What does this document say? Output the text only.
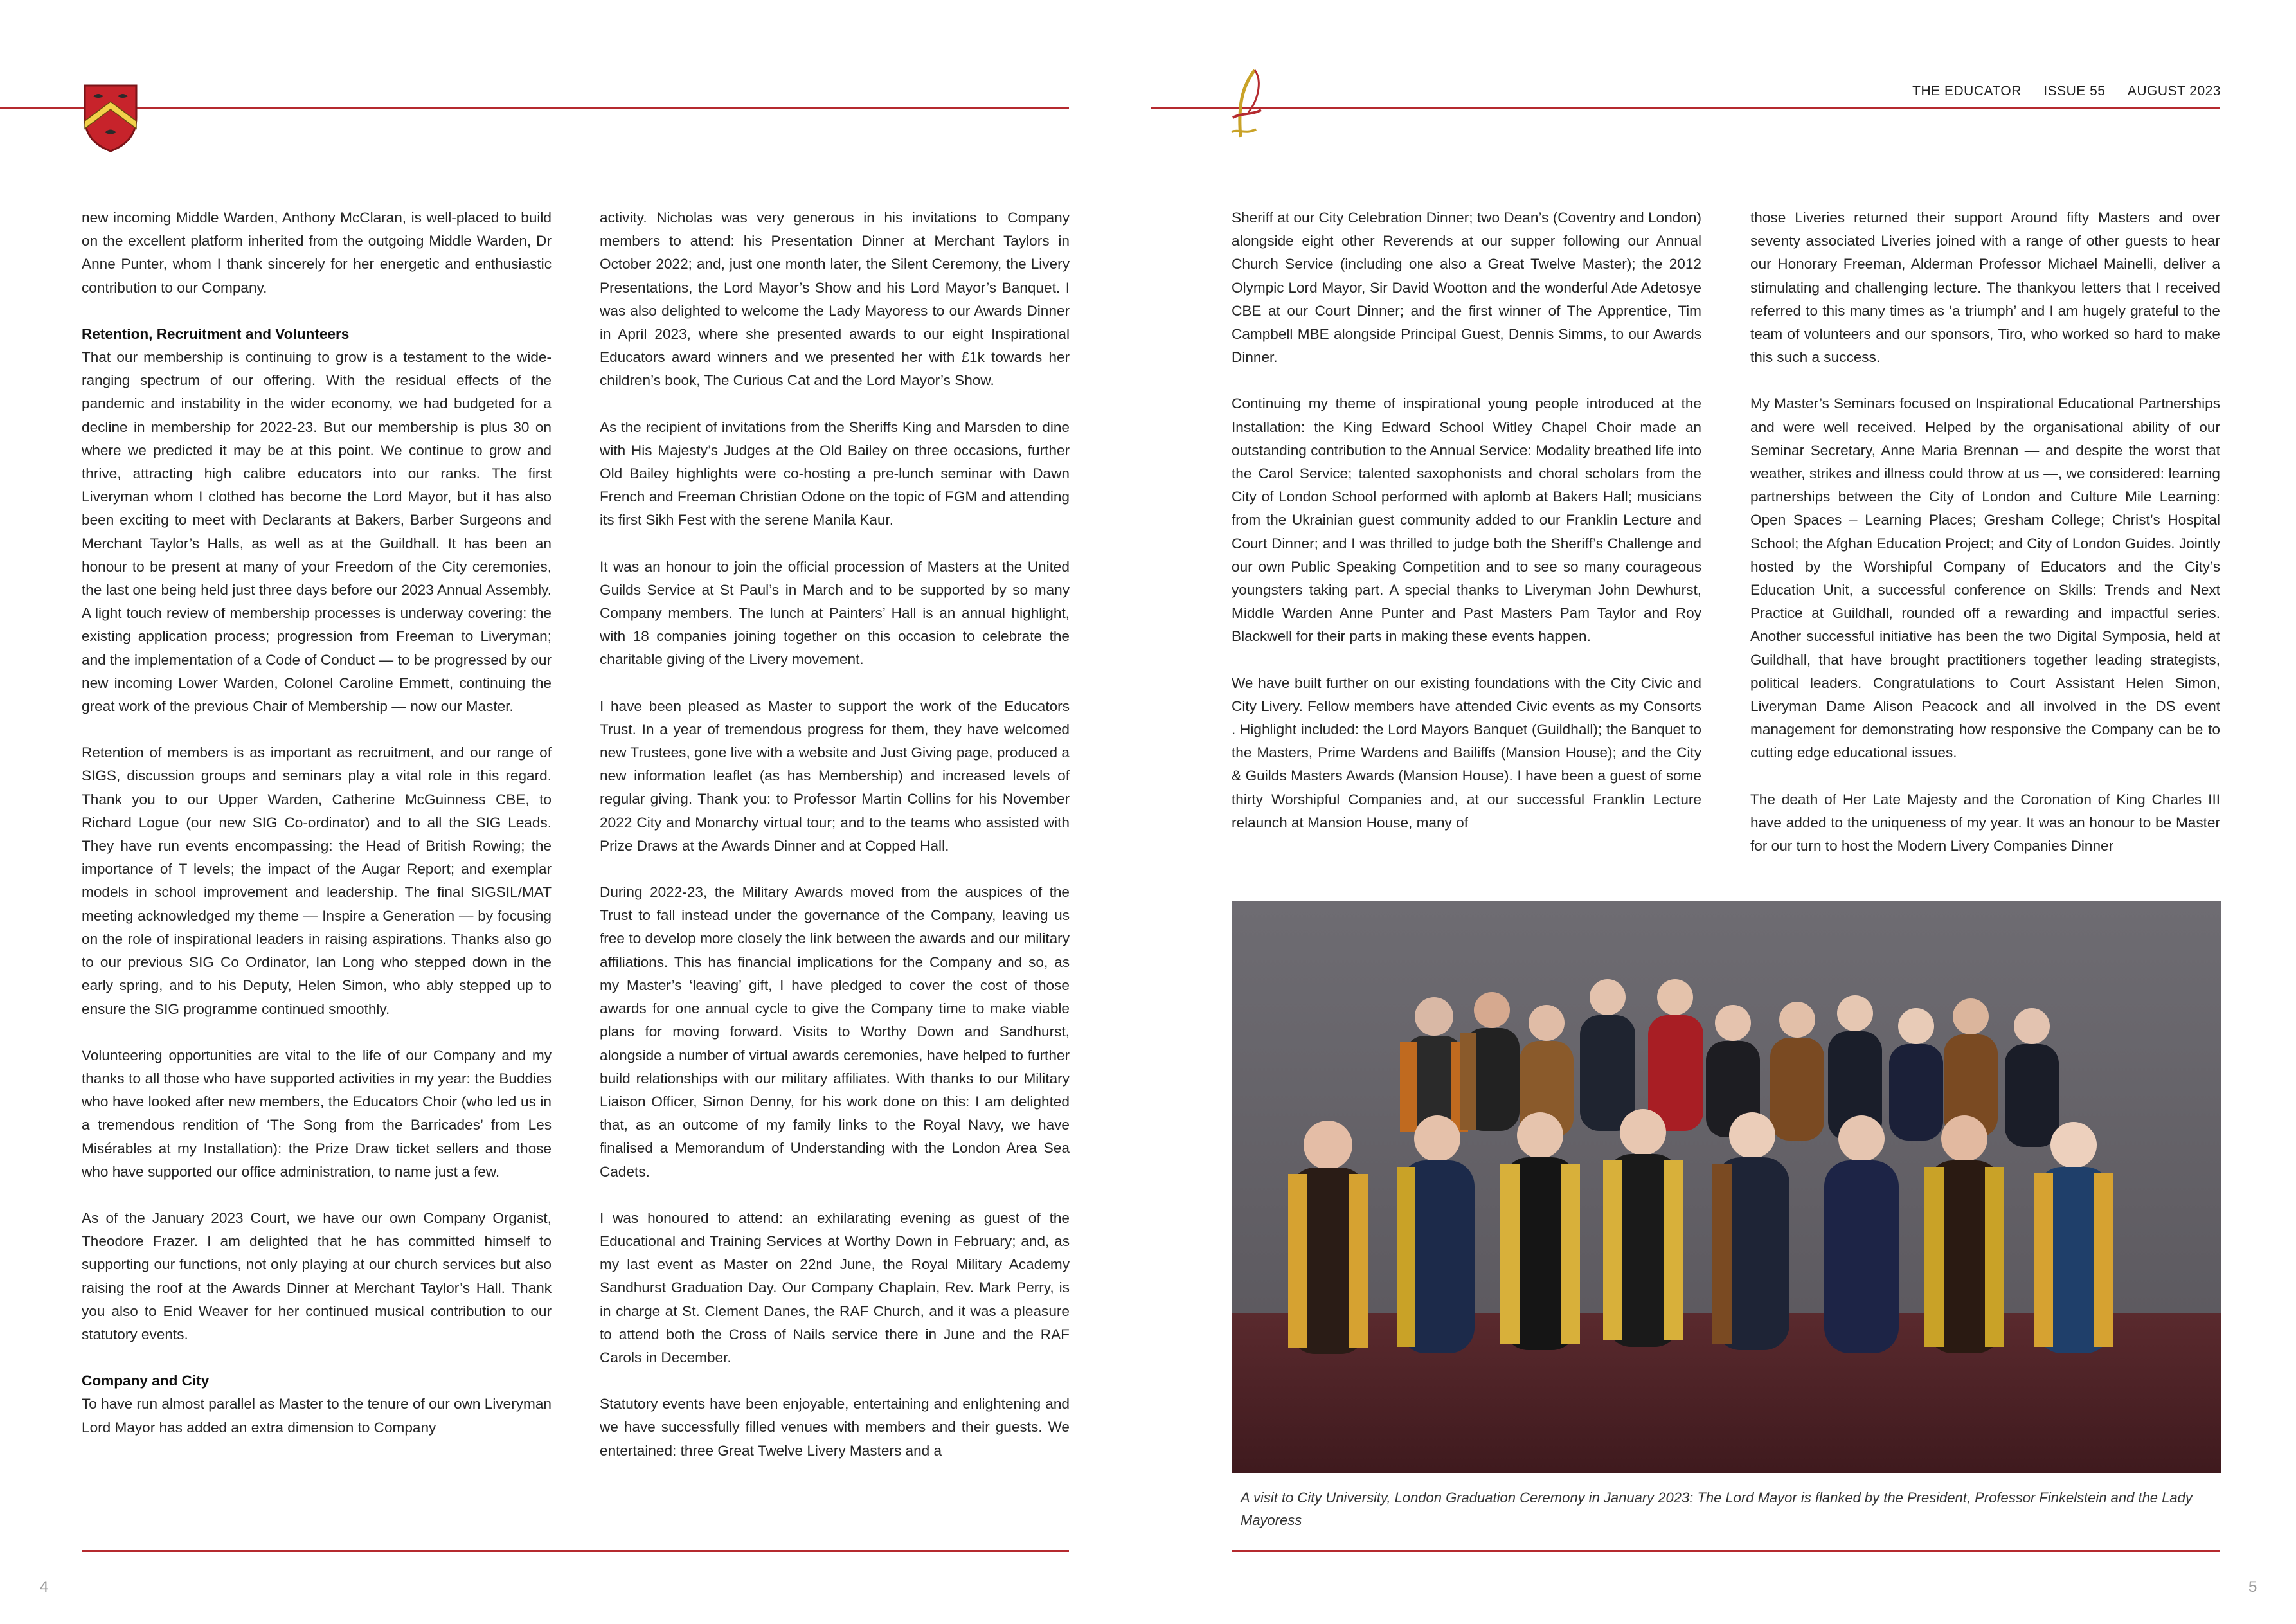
THE EDUCATOR ISSUE 55 AUGUST 2023

new incoming Middle Warden, Anthony McClaran, is well-placed to build on the excellent platform inherited from the outgoing Middle Warden, Dr Anne Punter, whom I thank sincerely for her energetic and enthusiastic contribution to our Company.

Retention, Recruitment and Volunteers

That our membership is continuing to grow is a testament to the wide-ranging spectrum of our offering. With the residual effects of the pandemic and instability in the wider economy, we had budgeted for a decline in membership for 2022-23. But our membership is plus 30 on where we predicted it may be at this point. We continue to grow and thrive, attracting high calibre educators into our ranks. The first Liveryman whom I clothed has become the Lord Mayor, but it has also been exciting to meet with Declarants at Bakers, Barber Surgeons and Merchant Taylor’s Halls, as well as at the Guildhall. It has been an honour to be present at many of your Freedom of the City ceremonies, the last one being held just three days before our 2023 Annual Assembly. A light touch review of membership processes is underway covering: the existing application process; progression from Freeman to Liveryman; and the implementation of a Code of Conduct — to be progressed by our new incoming Lower Warden, Colonel Caroline Emmett, continuing the great work of the previous Chair of Membership — now our Master.

Retention of members is as important as recruitment, and our range of SIGS, discussion groups and seminars play a vital role in this regard. Thank you to our Upper Warden, Catherine McGuinness CBE, to Richard Logue (our new SIG Co-ordinator) and to all the SIG Leads. They have run events encompassing: the Head of British Rowing; the importance of T levels; the impact of the Augar Report; and exemplar models in school improvement and leadership. The final SIGSIL/MAT meeting acknowledged my theme — Inspire a Generation — by focusing on the role of inspirational leaders in raising aspirations. Thanks also go to our previous SIG Co Ordinator, Ian Long who stepped down in the early spring, and to his Deputy, Helen Simon, who ably stepped up to ensure the SIG programme continued smoothly.

Volunteering opportunities are vital to the life of our Company and my thanks to all those who have supported activities in my year: the Buddies who have looked after new members, the Educators Choir (who led us in a tremendous rendition of ‘The Song from the Barricades’ from Les Misérables at my Installation): the Prize Draw ticket sellers and those who have supported our office administration, to name just a few.

As of the January 2023 Court, we have our own Company Organist, Theodore Frazer. I am delighted that he has committed himself to supporting our functions, not only playing at our church services but also raising the roof at the Awards Dinner at Merchant Taylor’s Hall. Thank you also to Enid Weaver for her continued musical contribution to our statutory events.

Company and City

To have run almost parallel as Master to the tenure of our own Liveryman Lord Mayor has added an extra dimension to Company

activity. Nicholas was very generous in his invitations to Company members to attend: his Presentation Dinner at Merchant Taylors in October 2022; and, just one month later, the Silent Ceremony, the Livery Presentations, the Lord Mayor’s Show and his Lord Mayor’s Banquet. I was also delighted to welcome the Lady Mayoress to our Awards Dinner in April 2023, where she presented awards to our eight Inspirational Educators award winners and we presented her with £1k towards her children’s book, The Curious Cat and the Lord Mayor’s Show.

As the recipient of invitations from the Sheriffs King and Marsden to dine with His Majesty’s Judges at the Old Bailey on three occasions, further Old Bailey highlights were co-hosting a pre-lunch seminar with Dawn French and Freeman Christian Odone on the topic of FGM and attending its first Sikh Fest with the serene Manila Kaur.

It was an honour to join the official procession of Masters at the United Guilds Service at St Paul’s in March and to be supported by so many Company members. The lunch at Painters’ Hall is an annual highlight, with 18 companies joining together on this occasion to celebrate the charitable giving of the Livery movement.

I have been pleased as Master to support the work of the Educators Trust. In a year of tremendous progress for them, they have welcomed new Trustees, gone live with a website and Just Giving page, produced a new information leaflet (as has Membership) and increased levels of regular giving. Thank you: to Professor Martin Collins for his November 2022 City and Monarchy virtual tour; and to the teams who assisted with Prize Draws at the Awards Dinner and at Copped Hall.

During 2022-23, the Military Awards moved from the auspices of the Trust to fall instead under the governance of the Company, leaving us free to develop more closely the link between the awards and our military affiliations. This has financial implications for the Company and so, as my Master’s ‘leaving’ gift, I have pledged to cover the cost of those awards for one annual cycle to give the Company time to make viable plans for moving forward. Visits to Worthy Down and Sandhurst, alongside a number of virtual awards ceremonies, have helped to further build relationships with our military affiliates. With thanks to our Military Liaison Officer, Simon Denny, for his work done on this: I am delighted that, as an outcome of my family links to the Royal Navy, we have finalised a Memorandum of Understanding with the London Area Sea Cadets.

I was honoured to attend: an exhilarating evening as guest of the Educational and Training Services at Worthy Down in February; and, as my last event as Master on 22nd June, the Royal Military Academy Sandhurst Graduation Day. Our Company Chaplain, Rev. Mark Perry, is in charge at St. Clement Danes, the RAF Church, and it was a pleasure to attend both the Cross of Nails service there in June and the RAF Carols in December.

Statutory events have been enjoyable, entertaining and enlightening and we have successfully filled venues with members and their guests. We entertained: three Great Twelve Livery Masters and a

Sheriff at our City Celebration Dinner; two Dean’s (Coventry and London) alongside eight other Reverends at our supper following our Annual Church Service (including one also a Great Twelve Master); the 2012 Olympic Lord Mayor, Sir David Wootton and the wonderful Ade Adetosye CBE at our Court Dinner; and the first winner of The Apprentice, Tim Campbell MBE alongside Principal Guest, Dennis Simms, to our Awards Dinner.

Continuing my theme of inspirational young people introduced at the Installation: the King Edward School Witley Chapel Choir made an outstanding contribution to the Annual Service: Modality breathed life into the Carol Service; talented saxophonists and choral scholars from the City of London School performed with aplomb at Bakers Hall; musicians from the Ukrainian guest community added to our Franklin Lecture and Court Dinner; and I was thrilled to judge both the Sheriff’s Challenge and our own Public Speaking Competition and to see so many courageous youngsters taking part. A special thanks to Liveryman John Dewhurst, Middle Warden Anne Punter and Past Masters Pam Taylor and Roy Blackwell for their parts in making these events happen.

We have built further on our existing foundations with the City Civic and City Livery. Fellow members have attended Civic events as my Consorts . Highlight included: the Lord Mayors Banquet (Guildhall); the Banquet to the Masters, Prime Wardens and Bailiffs (Mansion House); and the City & Guilds Masters Awards (Mansion House). I have been a guest of some thirty Worshipful Companies and, at our successful Franklin Lecture relaunch at Mansion House, many of

those Liveries returned their support Around fifty Masters and over seventy associated Liveries joined with a range of other guests to hear our Honorary Freeman, Alderman Professor Michael Mainelli, deliver a stimulating and challenging lecture. The thankyou letters that I received referred to this many times as ‘a triumph’ and I am hugely grateful to the team of volunteers and our sponsors, Tiro, who worked so hard to make this such a success.

My Master’s Seminars focused on Inspirational Educational Partnerships and were well received. Helped by the organisational ability of our Seminar Secretary, Anne Maria Brennan — and despite the worst that weather, strikes and illness could throw at us —, we considered: learning partnerships between the City of London and Culture Mile Learning: Open Spaces – Learning Places; Gresham College; Christ’s Hospital School; the Afghan Education Project; and City of London Guides. Jointly hosted by the Worshipful Company of Educators and the City’s Education Unit, a successful conference on Skills: Trends and Next Practice at Guildhall, rounded off a rewarding and impactful series. Another successful initiative has been the two Digital Symposia, held at Guildhall, that have brought practitioners together leading strategists, political leaders. Congratulations to Court Assistant Helen Simon, Liveryman Dame Alison Peacock and all involved in the DS event management for demonstrating how responsive the Company can be to cutting edge educational issues.

The death of Her Late Majesty and the Coronation of King Charles III have added to the uniqueness of my year. It was an honour to be Master for our turn to host the Modern Livery Companies Dinner

A visit to City University, London Graduation Ceremony in January 2023: The Lord Mayor is flanked by the President, Professor Finkelstein and the Lady Mayoress
4	5
